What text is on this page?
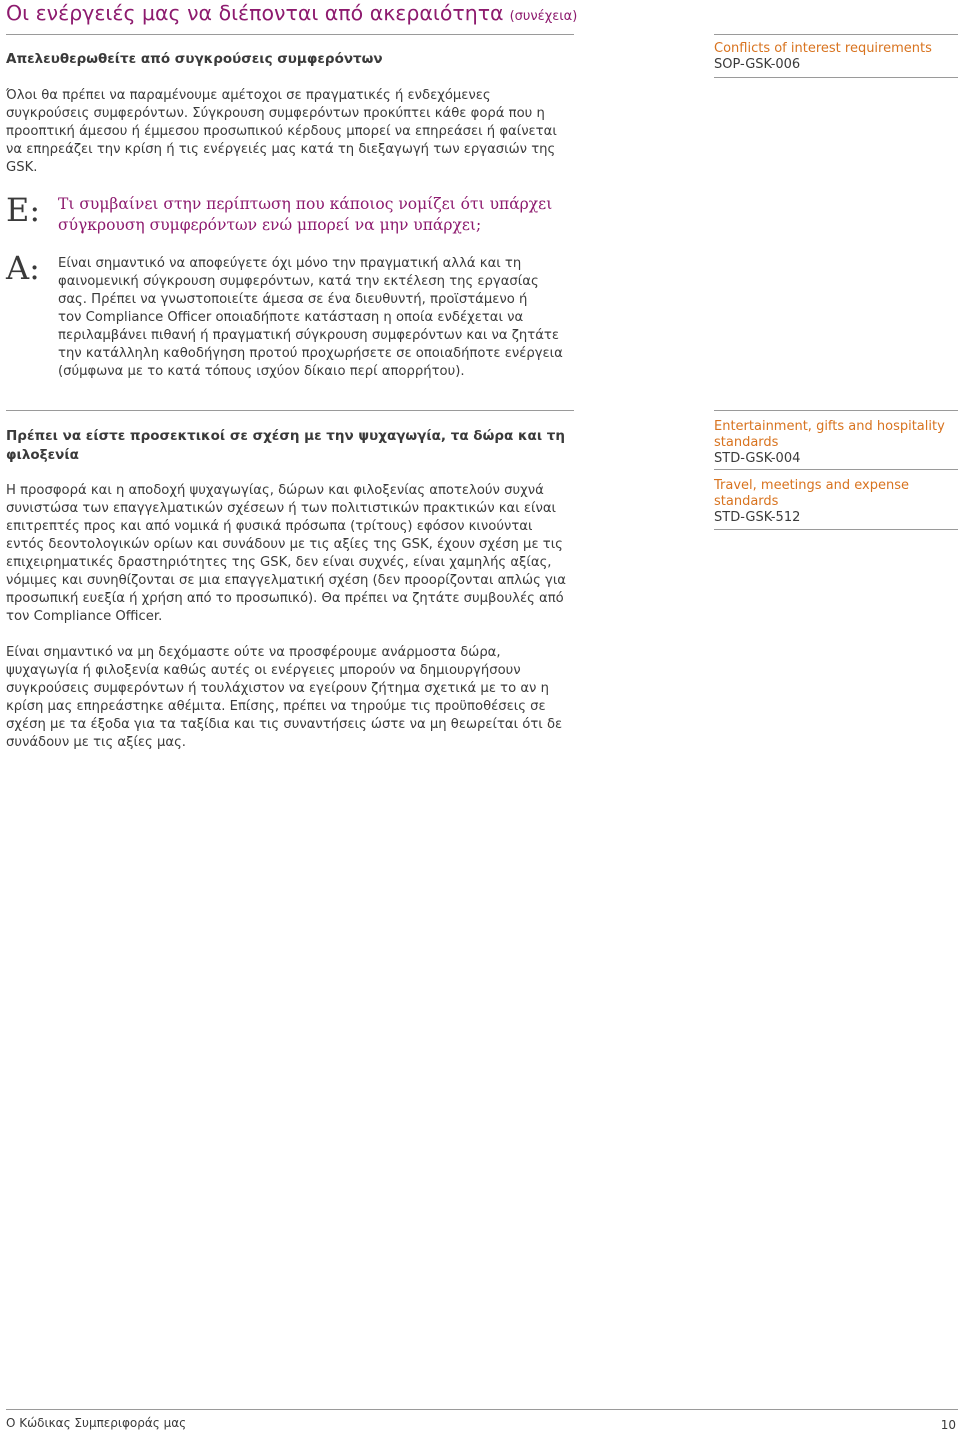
Οι ενέργειές μας να διέπονται από ακεραιότητα (συνέχεια)
Απελευθερωθείτε από συγκρούσεις συμφερόντων
Όλοι θα πρέπει να παραμένουμε αμέτοχοι σε πραγματικές ή ενδεχόμενες
συγκρούσεις συμφερόντων. Σύγκρουση συμφερόντων προκύπτει κάθε φορά που η
προοπτική άμεσου ή έμμεσου προσωπικού κέρδους μπορεί να επηρεάσει ή φαίνεται
να επηρεάζει την κρίση ή τις ενέργειές μας κατά τη διεξαγωγή των εργασιών της
GSK.
Ε: Τι συμβαίνει στην περίπτωση που κάποιος νομίζει ότι υπάρχει
σύγκρουση συμφερόντων ενώ μπορεί να μην υπάρχει;
Α: Είναι σημαντικό να αποφεύγετε όχι μόνο την πραγματική αλλά και τη
φαινομενική σύγκρουση συμφερόντων, κατά την εκτέλεση της εργασίας
σας. Πρέπει να γνωστοποιείτε άμεσα σε ένα διευθυντή, προϊστάμενο ή
τον Compliance Officer οποιαδήποτε κατάσταση η οποία ενδέχεται να
περιλαμβάνει πιθανή ή πραγματική σύγκρουση συμφερόντων και να ζητάτε
την κατάλληλη καθοδήγηση προτού προχωρήσετε σε οποιαδήποτε ενέργεια
(σύμφωνα με το κατά τόπους ισχύον δίκαιο περί απορρήτου).
Πρέπει να είστε προσεκτικοί σε σχέση με την ψυχαγωγία, τα δώρα και τη
φιλοξενία
Η προσφορά και η αποδοχή ψυχαγωγίας, δώρων και φιλοξενίας αποτελούν συχνά
συνιστώσα των επαγγελματικών σχέσεων ή των πολιτιστικών πρακτικών και είναι
επιτρεπτές προς και από νομικά ή φυσικά πρόσωπα (τρίτους) εφόσον κινούνται
εντός δεοντολογικών ορίων και συνάδουν με τις αξίες της GSK, έχουν σχέση με τις
επιχειρηματικές δραστηριότητες της GSK, δεν είναι συχνές, είναι χαμηλής αξίας,
νόμιμες και συνηθίζονται σε μια επαγγελματική σχέση (δεν προορίζονται απλώς για
προσωπική ευεξία ή χρήση από το προσωπικό). Θα πρέπει να ζητάτε συμβουλές από
τον Compliance Officer.
Είναι σημαντικό να μη δεχόμαστε ούτε να προσφέρουμε ανάρμοστα δώρα,
ψυχαγωγία ή φιλοξενία καθώς αυτές οι ενέργειες μπορούν να δημιουργήσουν
συγκρούσεις συμφερόντων ή τουλάχιστον να εγείρουν ζήτημα σχετικά με το αν η
κρίση μας επηρεάστηκε αθέμιτα. Επίσης, πρέπει να τηρούμε τις προϋποθέσεις σε
σχέση με τα έξοδα για τα ταξίδια και τις συναντήσεις ώστε να μη θεωρείται ότι δε
συνάδουν με τις αξίες μας.
Conflicts of interest requirements
SOP-GSK-006
Entertainment, gifts and hospitality
standards
STD-GSK-004
Travel, meetings and expense
standards
STD-GSK-512
Ο Κώδικας Συμπεριφοράς μας	10
